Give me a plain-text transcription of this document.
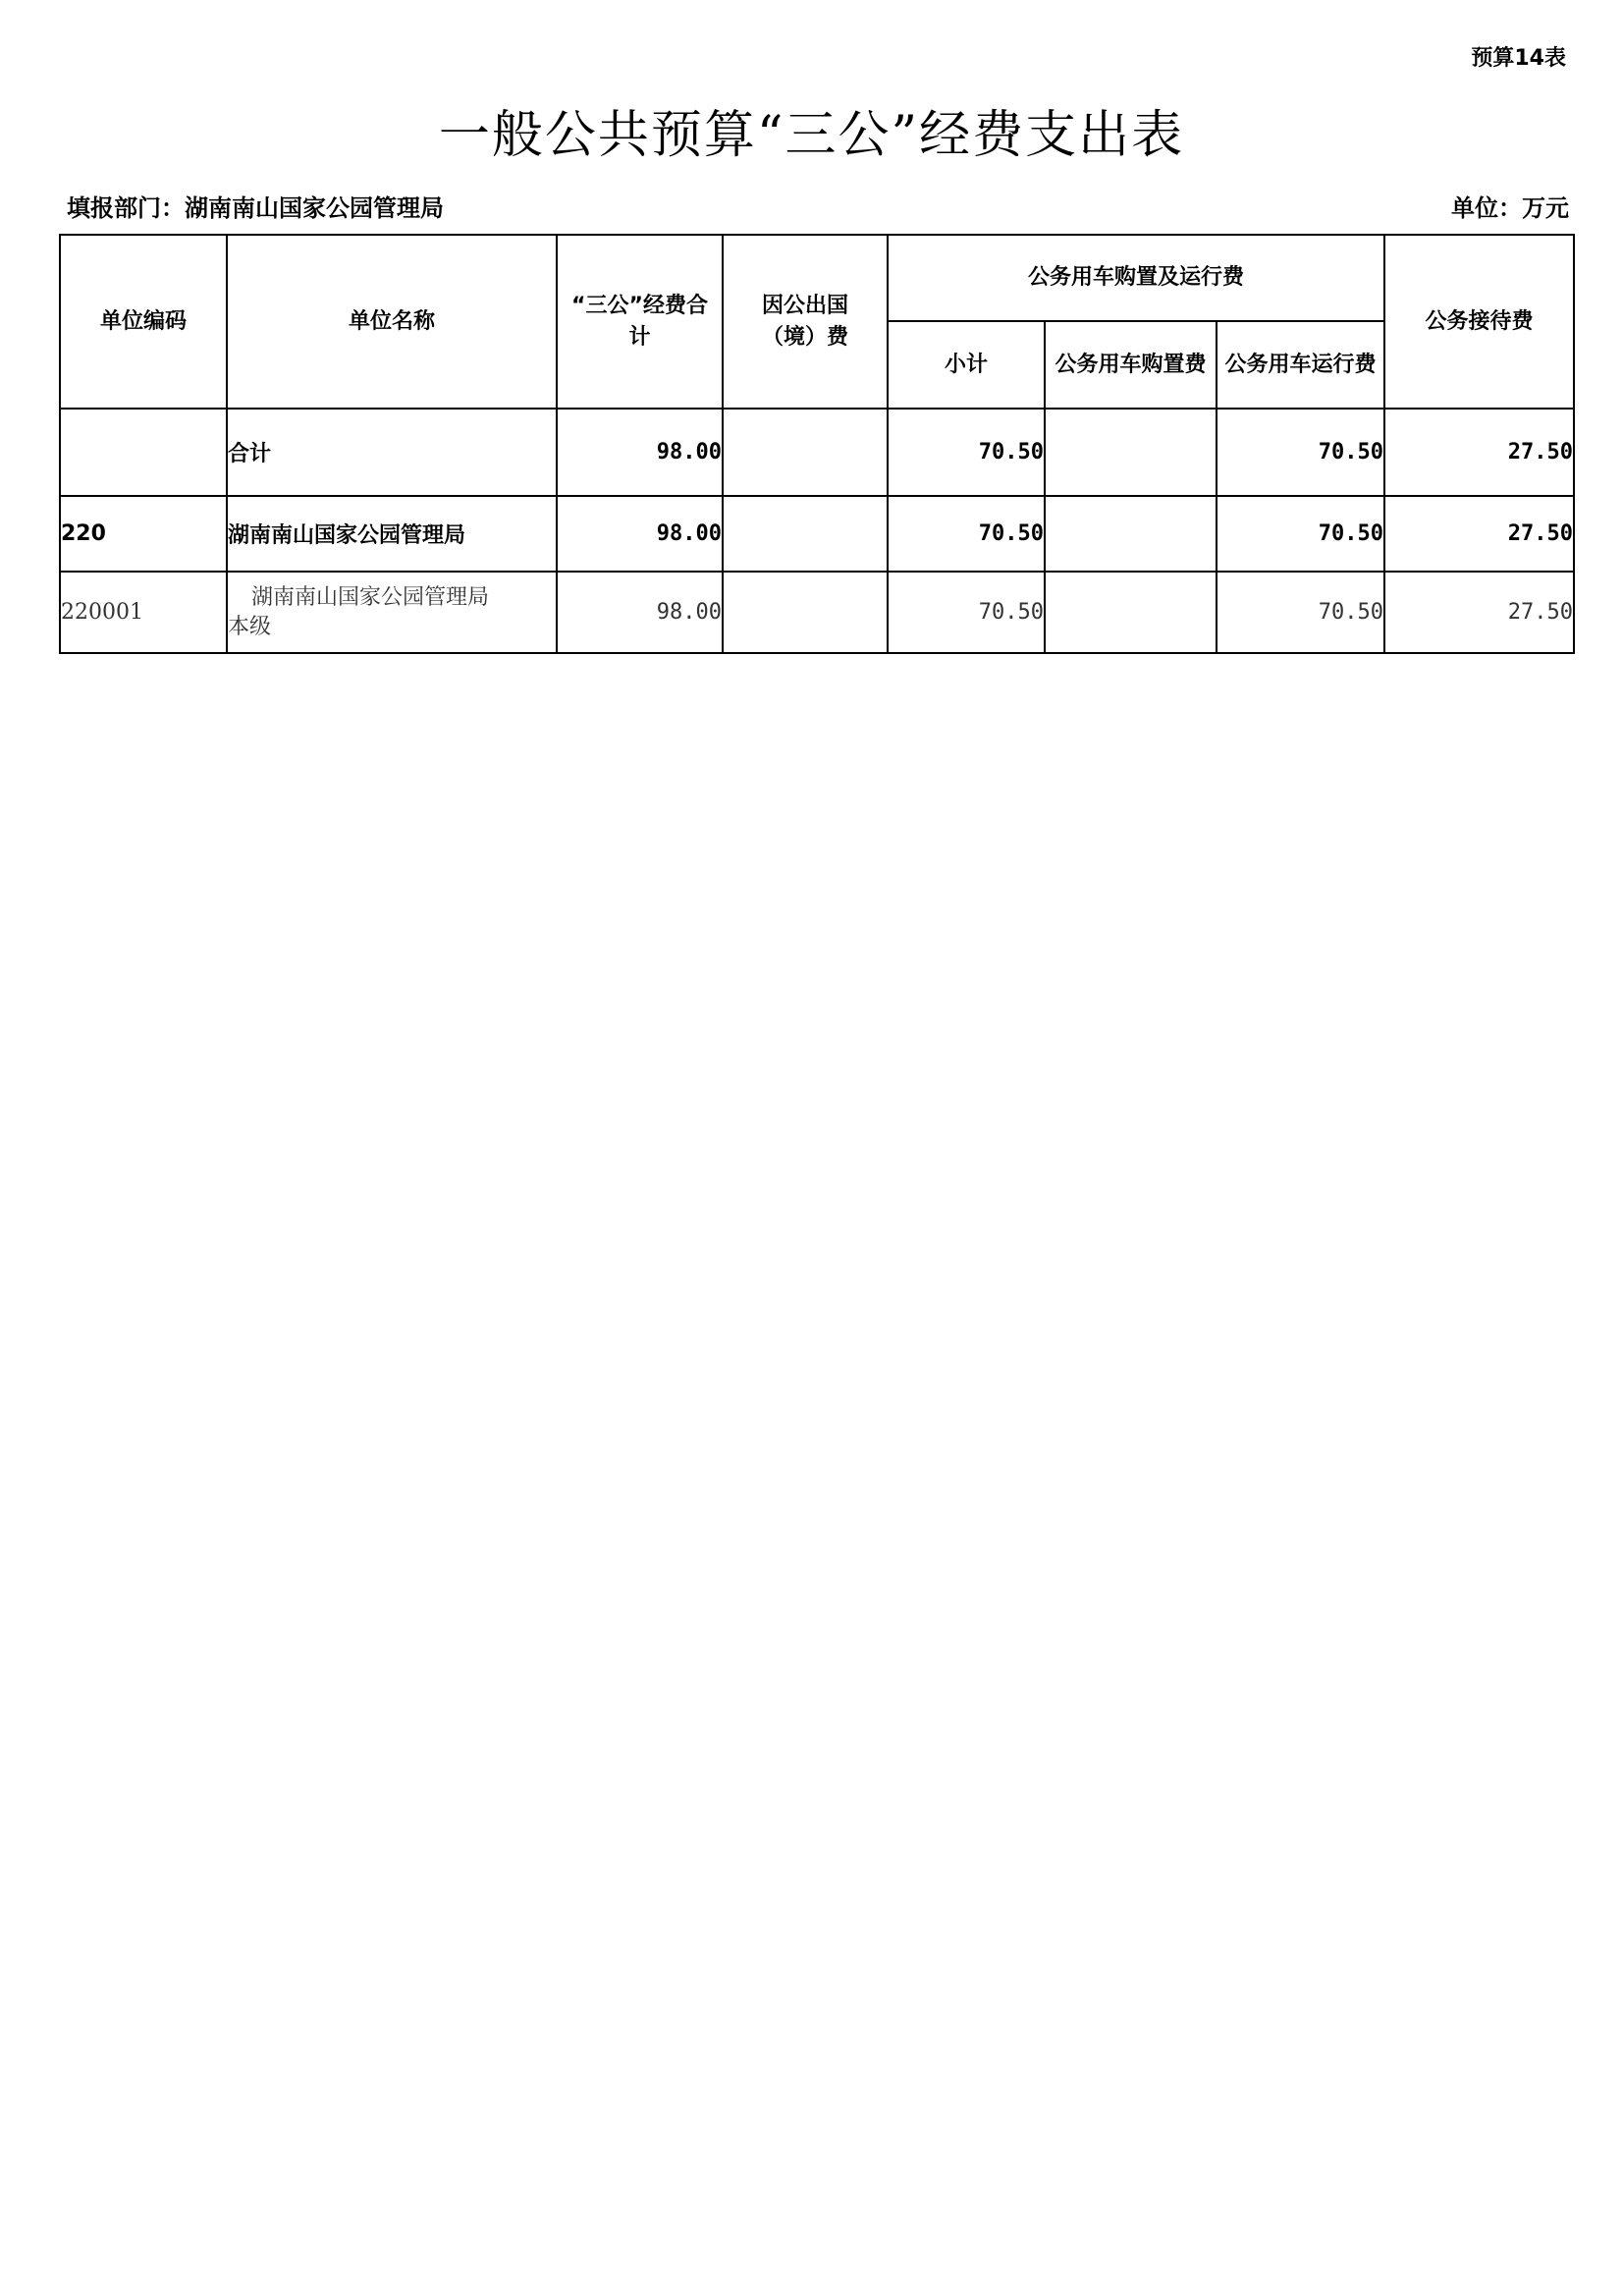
预算14表
一般公共预算“三公”经费支出表
填报部门：湖南南山国家公园管理局	单位：万元
单位编码	单位名称	“三公”经费合计	因公出国（境）费	公务用车购置及运行费			公务接待费
				小计	公务用车购置费	公务用车运行费	

	合计	98.00		70.50		70.50	27.50
220	湖南南山国家公园管理局	98.00		70.50		70.50	27.50
220001	湖南南山国家公园管理局
本级	98.00		70.50		70.50	27.50
